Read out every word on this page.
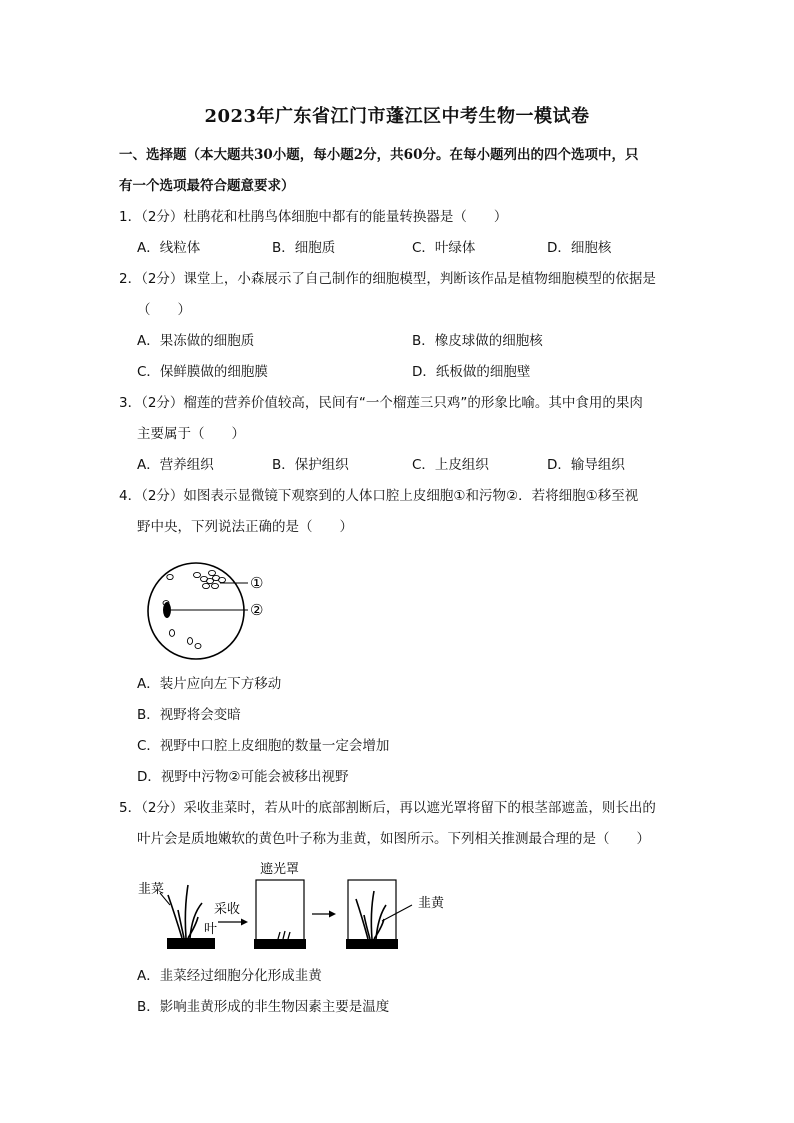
2023年广东省江门市蓬江区中考生物一模试卷
一、选择题（本大题共30小题，每小题2分，共60分。在每小题列出的四个选项中，只
有一个选项最符合题意要求）
1．（2分）杜鹃花和杜鹃鸟体细胞中都有的能量转换器是（　　）
A．线粒体	B．细胞质	C．叶绿体	D．细胞核
2．（2分）课堂上，小森展示了自己制作的细胞模型，判断该作品是植物细胞模型的依据是
（　　）
A．果冻做的细胞质	B．橡皮球做的细胞核
C．保鲜膜做的细胞膜	D．纸板做的细胞壁
3．（2分）榴莲的营养价值较高，民间有“一个榴莲三只鸡”的形象比喻。其中食用的果肉
主要属于（　　）
A．营养组织	B．保护组织	C．上皮组织	D．输导组织
4．（2分）如图表示显微镜下观察到的人体口腔上皮细胞①和污物②．若将细胞①移至视
野中央，下列说法正确的是（　　）
①
②
A．装片应向左下方移动
B．视野将会变暗
C．视野中口腔上皮细胞的数量一定会增加
D．视野中污物②可能会被移出视野
5．（2分）采收韭菜时，若从叶的底部割断后，再以遮光罩将留下的根茎部遮盖，则长出的
叶片会是质地嫩软的黄色叶子称为韭黄，如图所示。下列相关推测最合理的是（　　）
韭菜
采收
叶
遮光罩
韭黄
A．韭菜经过细胞分化形成韭黄
B．影响韭黄形成的非生物因素主要是温度
